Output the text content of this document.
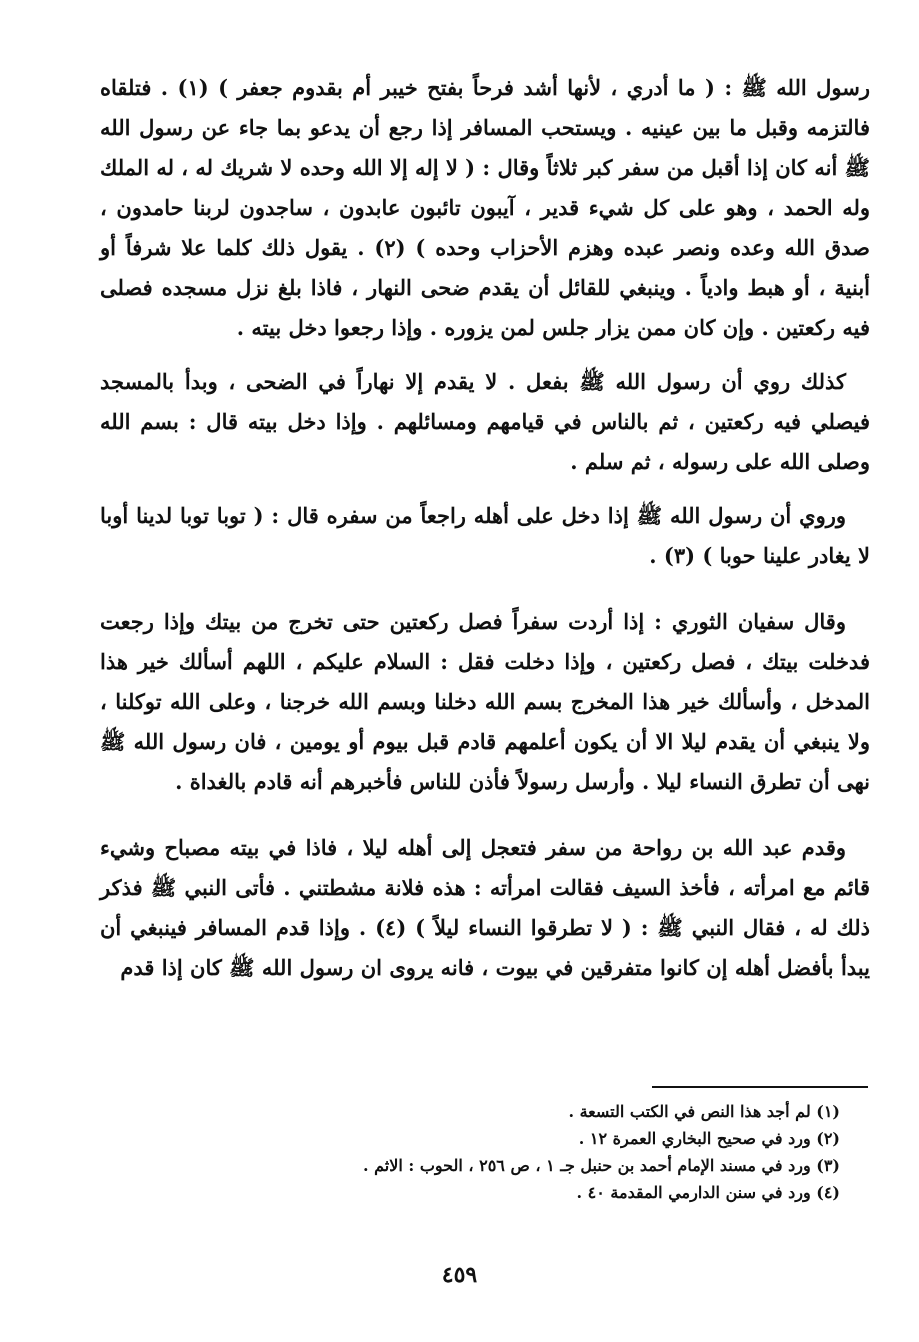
رسول الله ﷺ : ( ما أدري ، لأنها أشد فرحاً بفتح خيبر أم بقدوم جعفر ) (١) . فتلقاه فالتزمه وقبل ما بين عينيه . ويستحب المسافر إذا رجع أن يدعو بما جاء عن رسول الله ﷺ أنه كان إذا أقبل من سفر كبر ثلاثاً وقال : ( لا إله إلا الله وحده لا شريك له ، له الملك وله الحمد ، وهو على كل شيء قدير ، آيبون تائبون عابدون ، ساجدون لربنا حامدون ، صدق الله وعده ونصر عبده وهزم الأحزاب وحده ) (٢) . يقول ذلك كلما علا شرفاً أو أبنية ، أو هبط وادياً . وينبغي للقائل أن يقدم ضحى النهار ، فاذا بلغ نزل مسجده فصلى فيه ركعتين . وإن كان ممن يزار جلس لمن يزوره . وإذا رجعوا دخل بيته .

كذلك روي أن رسول الله ﷺ بفعل . لا يقدم إلا نهاراً في الضحى ، وبدأ بالمسجد فيصلي فيه ركعتين ، ثم بالناس في قيامهم ومسائلهم . وإذا دخل بيته قال : بسم الله وصلى الله على رسوله ، ثم سلم .

وروي أن رسول الله ﷺ إذا دخل على أهله راجعاً من سفره قال : ( توبا توبا لدينا أوبا لا يغادر علينا حوبا ) (٣) .

وقال سفيان الثوري : إذا أردت سفراً فصل ركعتين حتى تخرج من بيتك وإذا رجعت فدخلت بيتك ، فصل ركعتين ، وإذا دخلت فقل : السلام عليكم ، اللهم أسألك خير هذا المدخل ، وأسألك خير هذا المخرج بسم الله دخلنا وبسم الله خرجنا ، وعلى الله توكلنا ، ولا ينبغي أن يقدم ليلا الا أن يكون أعلمهم قادم قبل بيوم أو يومين ، فان رسول الله ﷺ نهى أن تطرق النساء ليلا . وأرسل رسولاً فأذن للناس فأخبرهم أنه قادم بالغداة .

وقدم عبد الله بن رواحة من سفر فتعجل إلى أهله ليلا ، فاذا في بيته مصباح وشيء قائم مع امرأته ، فأخذ السيف فقالت امرأته : هذه فلانة مشطتني . فأتى النبي ﷺ فذكر ذلك له ، فقال النبي ﷺ : ( لا تطرقوا النساء ليلاً ) (٤) . وإذا قدم المسافر فينبغي أن يبدأ بأفضل أهله إن كانوا متفرقين في بيوت ، فانه يروى ان رسول الله ﷺ كان إذا قدم

(١) لم أجد هذا النص في الكتب التسعة .

(٢) ورد في صحيح البخاري العمرة ١٢ .

(٣) ورد في مسند الإمام أحمد بن حنبل جـ ١ ، ص ٢٥٦ ، الحوب : الاثم .

(٤) ورد في سنن الدارمي المقدمة ٤٠ .

٤٥٩
